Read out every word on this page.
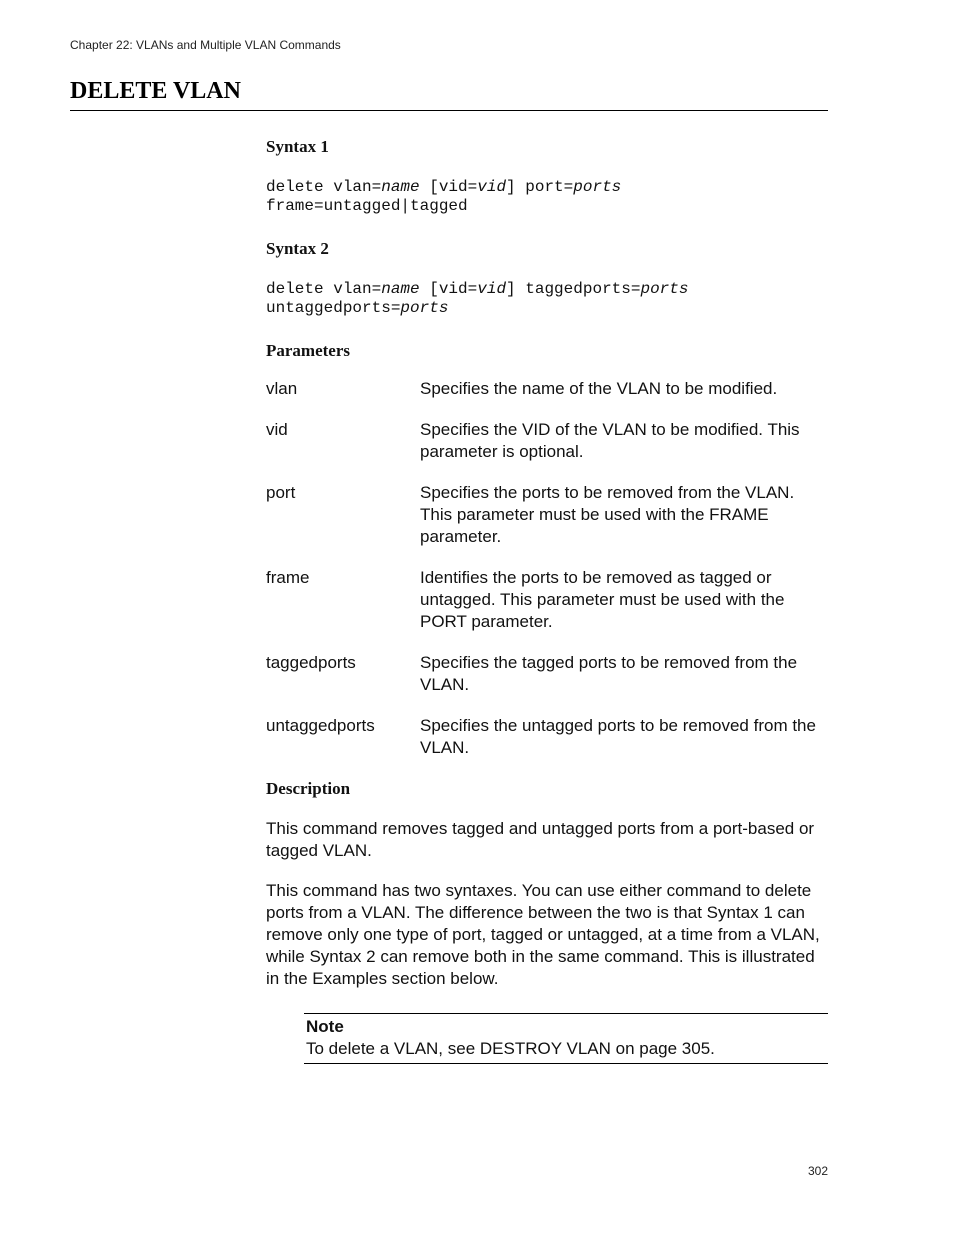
Chapter 22: VLANs and Multiple VLAN Commands
DELETE VLAN
Syntax 1
delete vlan=name [vid=vid] port=ports
frame=untagged|tagged
Syntax 2
delete vlan=name [vid=vid] taggedports=ports
untaggedports=ports
Parameters
vlan	Specifies the name of the VLAN to be modified.
vid	Specifies the VID of the VLAN to be modified. This parameter is optional.
port	Specifies the ports to be removed from the VLAN. This parameter must be used with the FRAME parameter.
frame	Identifies the ports to be removed as tagged or untagged. This parameter must be used with the PORT parameter.
taggedports	Specifies the tagged ports to be removed from the VLAN.
untaggedports	Specifies the untagged ports to be removed from the VLAN.
Description

This command removes tagged and untagged ports from a port-based or tagged VLAN.

This command has two syntaxes. You can use either command to delete ports from a VLAN. The difference between the two is that Syntax 1 can remove only one type of port, tagged or untagged, at a time from a VLAN, while Syntax 2 can remove both in the same command. This is illustrated in the Examples section below.

Note
To delete a VLAN, see DESTROY VLAN on page 305.
302
